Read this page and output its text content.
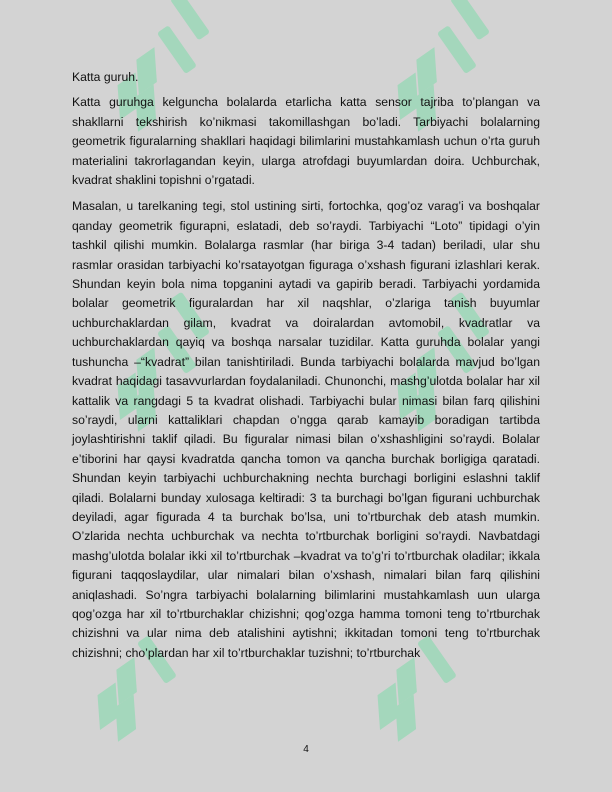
Katta guruh.

Katta guruhga kelguncha bolalarda etarlicha katta sensor tajriba to’plangan va shakllarni tekshirish ko’nikmasi takomillashgan bo’ladi. Tarbiyachi bolalarning geometrik figuralarning shakllari haqidagi bilimlarini mustahkamlash uchun o’rta guruh materialini takrorlagandan keyin, ularga atrofdagi buyumlardan doira. Uchburchak, kvadrat shaklini topishni o’rgatadi.

Masalan, u tarelkaning tegi, stol ustining sirti, fortochka, qog’oz varag’i va boshqalar qanday geometrik figurapni, eslatadi, deb so’raydi. Tarbiyachi “Loto” tipidagi o’yin tashkil qilishi mumkin. Bolalarga rasmlar (har biriga 3-4 tadan) beriladi, ular shu rasmlar orasidan tarbiyachi ko’rsatayotgan figuraga o’xshash figurani izlashlari kerak. Shundan keyin bola nima topganini aytadi va gapirib beradi. Tarbiyachi yordamida bolalar geometrik figuralardan har xil naqshlar, o’zlariga tanish buyumlar uchburchaklardan gilam, kvadrat va doiralardan avtomobil, kvadratlar va uchburchaklardan qayiq va boshqa narsalar tuzidilar. Katta guruhda bolalar yangi tushuncha –“kvadrat” bilan tanishtiriladi. Bunda tarbiyachi bolalarda mavjud bo’lgan kvadrat haqidagi tasavvurlardan foydalaniladi. Chunonchi, mashg’ulotda bolalar har xil kattalik va rangdagi 5 ta kvadrat olishadi. Tarbiyachi bular nimasi bilan farq qilishini so’raydi, ularni kattaliklari chapdan o’ngga qarab kamayib boradigan tartibda joylashtirishni taklif qiladi. Bu figuralar nimasi bilan o’xshashligini so’raydi. Bolalar e’tiborini har qaysi kvadratda qancha tomon va qancha burchak borligiga qaratadi. Shundan keyin tarbiyachi uchburchakning nechta burchagi borligini eslashni taklif qiladi. Bolalarni bunday xulosaga keltiradi: 3 ta burchagi bo’lgan figurani uchburchak deyiladi, agar figurada 4 ta burchak bo’lsa, uni to’rtburchak deb atash mumkin. O’zlarida nechta uchburchak va nechta to’rtburchak borligini so’raydi. Navbatdagi mashg’ulotda bolalar ikki xil to’rtburchak –kvadrat va to’g’ri to’rtburchak oladilar; ikkala figurani taqqoslaydilar, ular nimalari bilan o’xshash, nimalari bilan farq qilishini aniqlashadi. So’ngra tarbiyachi bolalarning bilimlarini mustahkamlash uun ularga qog’ozga har xil to’rtburchaklar chizishni; qog’ozga hamma tomoni teng to’rtburchak chizishni va ular nima deb atalishini aytishni; ikkitadan tomoni teng to’rtburchak chizishni; cho’plardan har xil to’rtburchaklar tuzishni; to’rtburchak

4
